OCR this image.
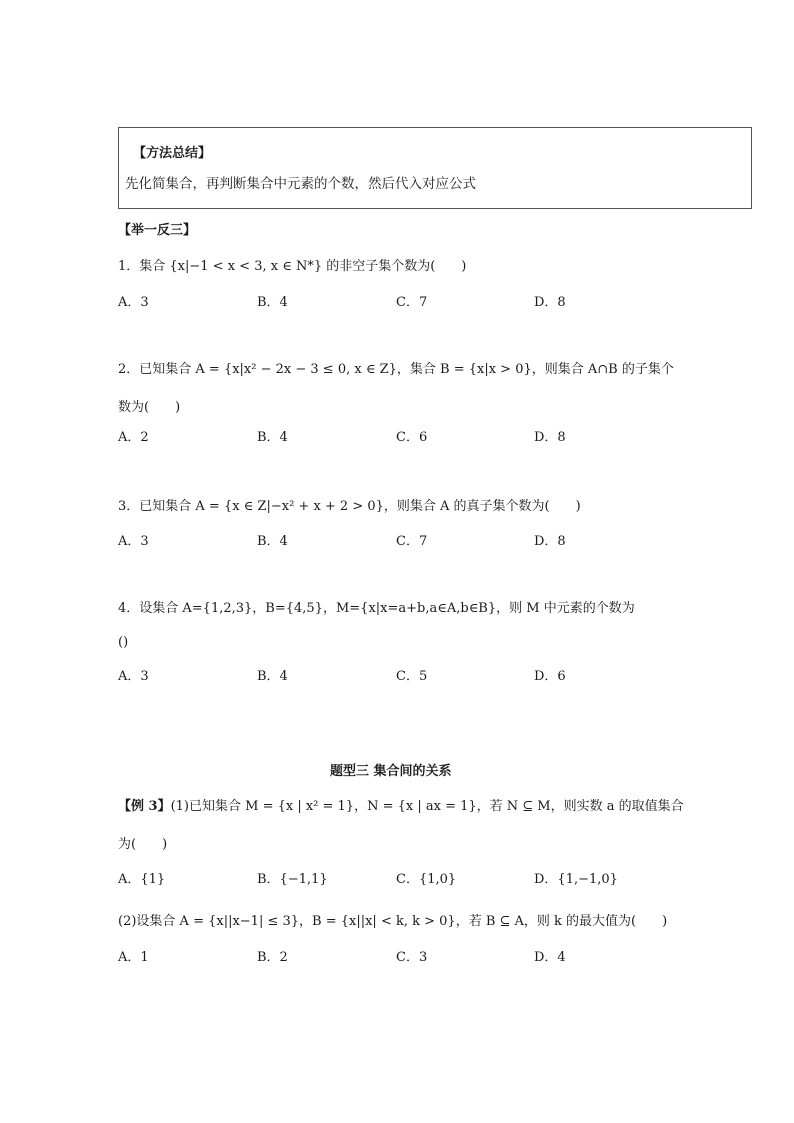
【方法总结】
先化简集合，再判断集合中元素的个数，然后代入对应公式
【举一反三】
1．集合 {x|−1 < x < 3, x ∈ N*} 的非空子集个数为(　　)
A．3	B．4	C．7	D．8
2．已知集合 A = {x|x² − 2x − 3 ≤ 0, x ∈ Z}，集合 B = {x|x > 0}，则集合 A∩B 的子集个
数为(　　)
A．2	B．4	C．6	D．8
3．已知集合 A = {x ∈ Z|−x² + x + 2 > 0}，则集合 A 的真子集个数为(　　)
A．3	B．4	C．7	D．8
4．设集合 A={1,2,3}，B={4,5}，M={x|x=a+b,a∈A,b∈B}，则 M 中元素的个数为
()
A．3	B．4	C．5	D．6
题型三 集合间的关系
【例 3】(1)已知集合 M = {x | x² = 1}，N = {x | ax = 1}，若 N ⊆ M，则实数 a 的取值集合
为(　　)
A．{1}	B．{−1,1}	C．{1,0}	D．{1,−1,0}
(2)设集合 A = {x||x−1| ≤ 3}，B = {x||x| < k, k > 0}，若 B ⊆ A，则 k 的最大值为(　　)
A．1	B．2	C．3	D．4
